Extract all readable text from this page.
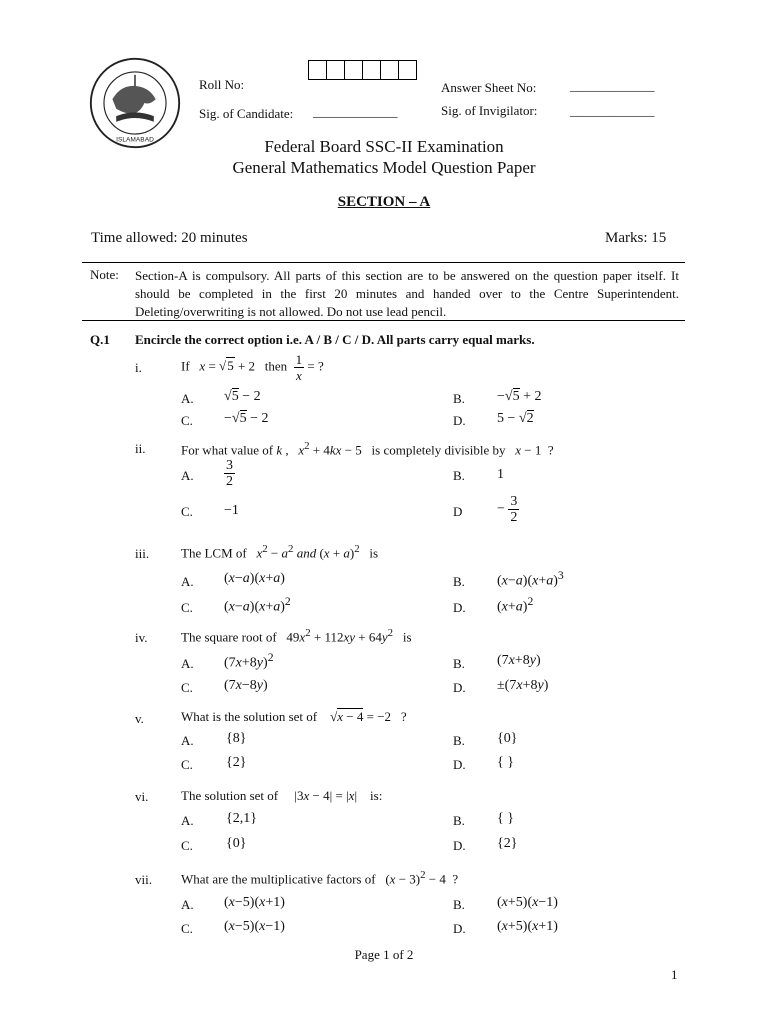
ISLAMABAD
Roll No:	Answer Sheet No:	_____________
Sig. of Candidate: _____________	Sig. of Invigilator:	_____________
Federal Board SSC-II Examination
General Mathematics Model Question Paper
SECTION – A
Time allowed: 20 minutes	Marks: 15
Note: Section-A is compulsory. All parts of this section are to be answered on the question paper itself. It should be completed in the first 20 minutes and handed over to the Centre Superintendent. Deleting/overwriting is not allowed. Do not use lead pencil.
Q.1 Encircle the correct option i.e. A / B / C / D. All parts carry equal marks.
i.	If x = √5 + 2   then $\frac{1}{x}$ = ?
A. √5 − 2	B. −√5 + 2
C. −√5 − 2	D. 5 − √2
ii.	For what value of k ,   $x^2 + 4kx - 5$   is completely divisible by x − 1  ?
A. $\frac{3}{2}$	B. 1
C. −1	$D - \frac{3}{2}$
iii. The LCM of $x^2 - a^2$ and $(x + a)^2$ is
A. (x−a)(x+a)	B. $(x-a)(x+a)^3$
C. $(x-a)(x+a)^2$	D. $(x+a)^2$
iv.	The square root of   $49x^2 + 112xy + 64y^2$ is
A. $(7x+8y)^2$	B. (7x+8y)
C. (7x−8y)	D. ±(7x+8y)
v.	What is the solution set of    √x − 4 = −2   ?
A. {8}	B. {0}
C. {2}	D. { }
vi.	The solution set of     |3x − 4| = |x|    is:
A. {2,1}	B. { }
C. {0}	D. {2}
vii. What are the multiplicative factors of   $(x - 3)^2 - 4$  ?
A. (x−5)(x+1)	B. (x+5)(x−1)
C. (x−5)(x−1)	D. (x+5)(x+1)
Page 1 of 2
1
